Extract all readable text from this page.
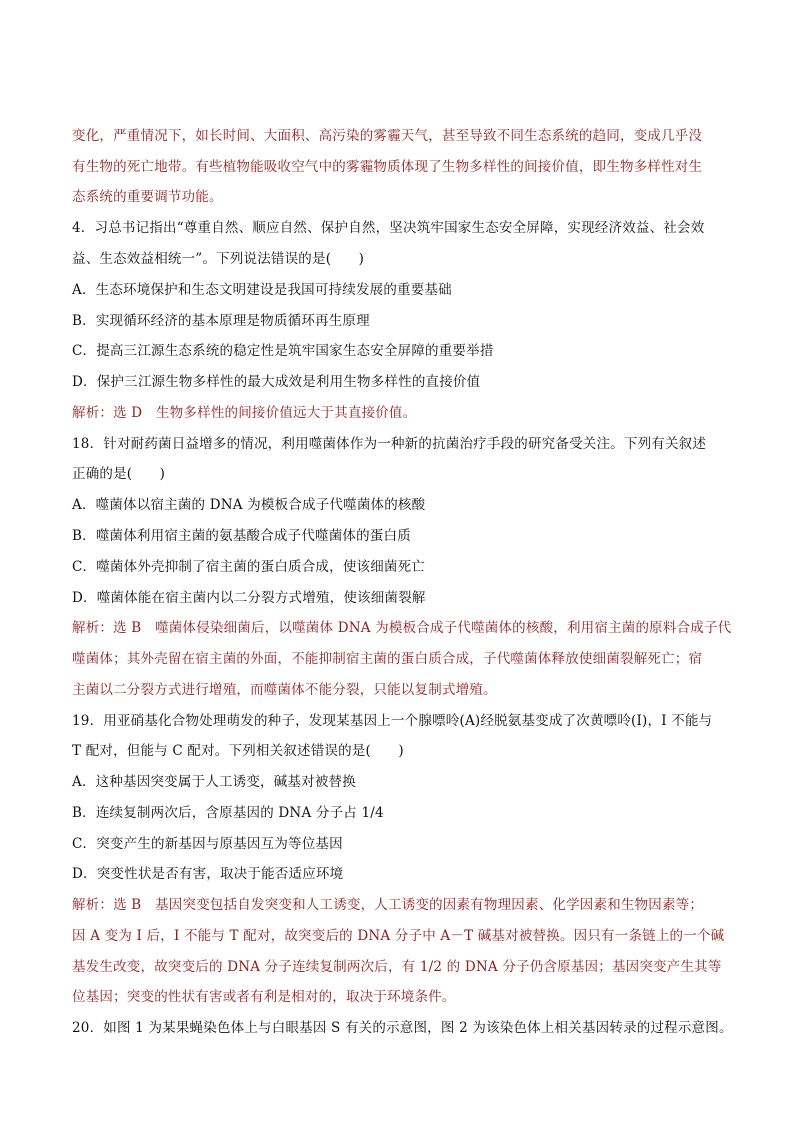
变化，严重情况下，如长时间、大面积、高污染的雾霾天气，甚至导致不同生态系统的趋同，变成几乎没
有生物的死亡地带。有些植物能吸收空气中的雾霾物质体现了生物多样性的间接价值，即生物多样性对生
态系统的重要调节功能。
4．习总书记指出“尊重自然、顺应自然、保护自然，坚决筑牢国家生态安全屏障，实现经济效益、社会效
益、生态效益相统一”。下列说法错误的是(　　)
A．生态环境保护和生态文明建设是我国可持续发展的重要基础
B．实现循环经济的基本原理是物质循环再生原理
C．提高三江源生态系统的稳定性是筑牢国家生态安全屏障的重要举措
D．保护三江源生物多样性的最大成效是利用生物多样性的直接价值
解析：选 D　生物多样性的间接价值远大于其直接价值。
18．针对耐药菌日益增多的情况，利用噬菌体作为一种新的抗菌治疗手段的研究备受关注。下列有关叙述
正确的是(　　)
A．噬菌体以宿主菌的 DNA 为模板合成子代噬菌体的核酸
B．噬菌体利用宿主菌的氨基酸合成子代噬菌体的蛋白质
C．噬菌体外壳抑制了宿主菌的蛋白质合成，使该细菌死亡
D．噬菌体能在宿主菌内以二分裂方式增殖，使该细菌裂解
解析：选 B　噬菌体侵染细菌后，以噬菌体 DNA 为模板合成子代噬菌体的核酸，利用宿主菌的原料合成子代
噬菌体；其外壳留在宿主菌的外面，不能抑制宿主菌的蛋白质合成，子代噬菌体释放使细菌裂解死亡；宿
主菌以二分裂方式进行增殖，而噬菌体不能分裂，只能以复制式增殖。
19．用亚硝基化合物处理萌发的种子，发现某基因上一个腺嘌呤(A)经脱氨基变成了次黄嘌呤(I)，I 不能与
T 配对，但能与 C 配对。下列相关叙述错误的是(　　)
A．这种基因突变属于人工诱变，碱基对被替换
B．连续复制两次后，含原基因的 DNA 分子占 1/4
C．突变产生的新基因与原基因互为等位基因
D．突变性状是否有害，取决于能否适应环境
解析：选 B　基因突变包括自发突变和人工诱变，人工诱变的因素有物理因素、化学因素和生物因素等；
因 A 变为 I 后，I 不能与 T 配对，故突变后的 DNA 分子中 A－T 碱基对被替换。因只有一条链上的一个碱
基发生改变，故突变后的 DNA 分子连续复制两次后，有 1/2 的 DNA 分子仍含原基因；基因突变产生其等
位基因；突变的性状有害或者有利是相对的，取决于环境条件。
20．如图 1 为某果蝇染色体上与白眼基因 S 有关的示意图，图 2 为该染色体上相关基因转录的过程示意图。
